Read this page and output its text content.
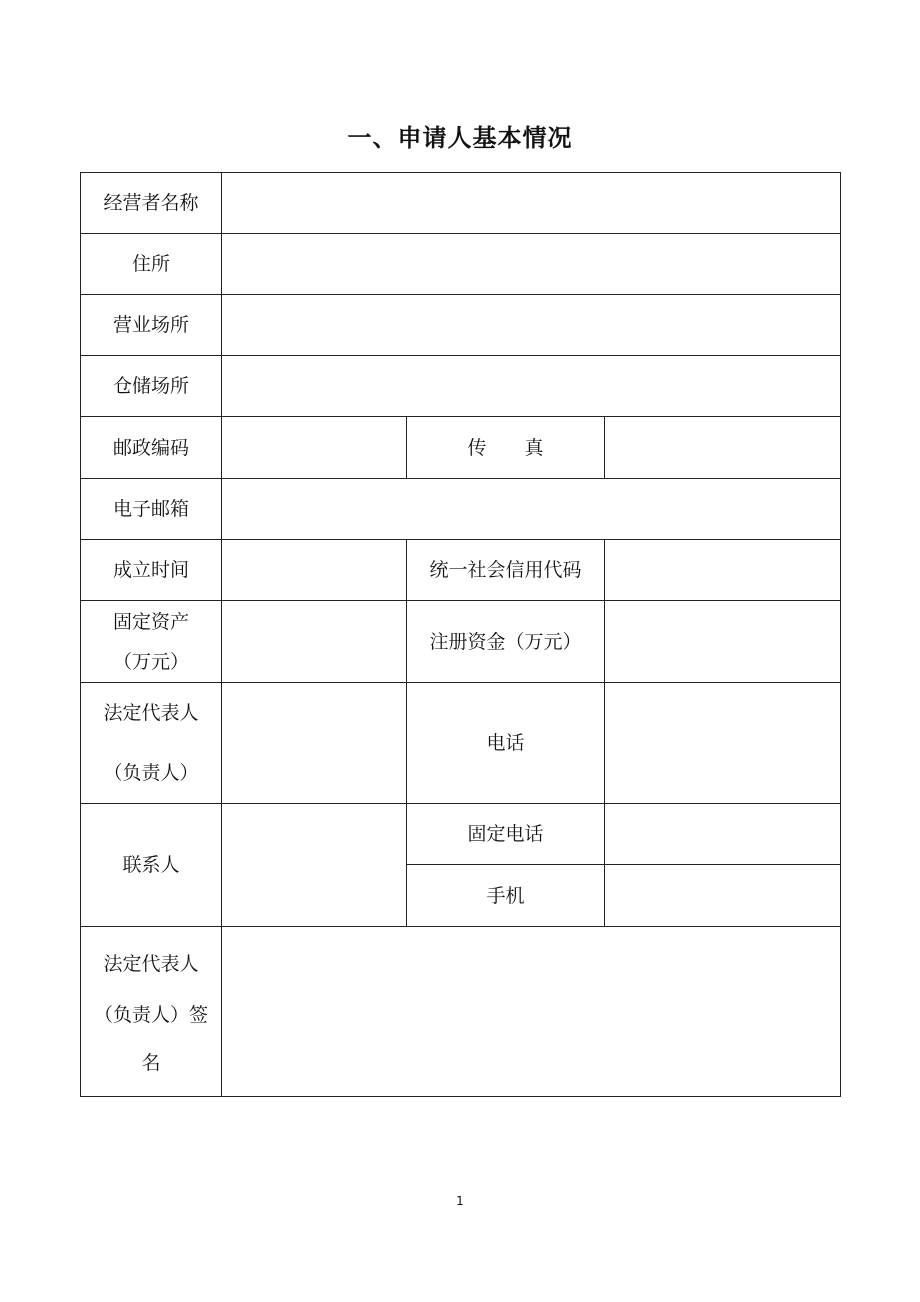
一、申请人基本情况
经营者名称			
住所			
营业场所			
仓储场所			
邮政编码		传真	
电子邮箱			
成立时间		统一社会信用代码	

固定资产
（万元）		注册资金（万元）	

法定代表人
（负责人）		电话	
联系人		固定电话	
		手机	

法定代表人
（负责人）签
名			

1
